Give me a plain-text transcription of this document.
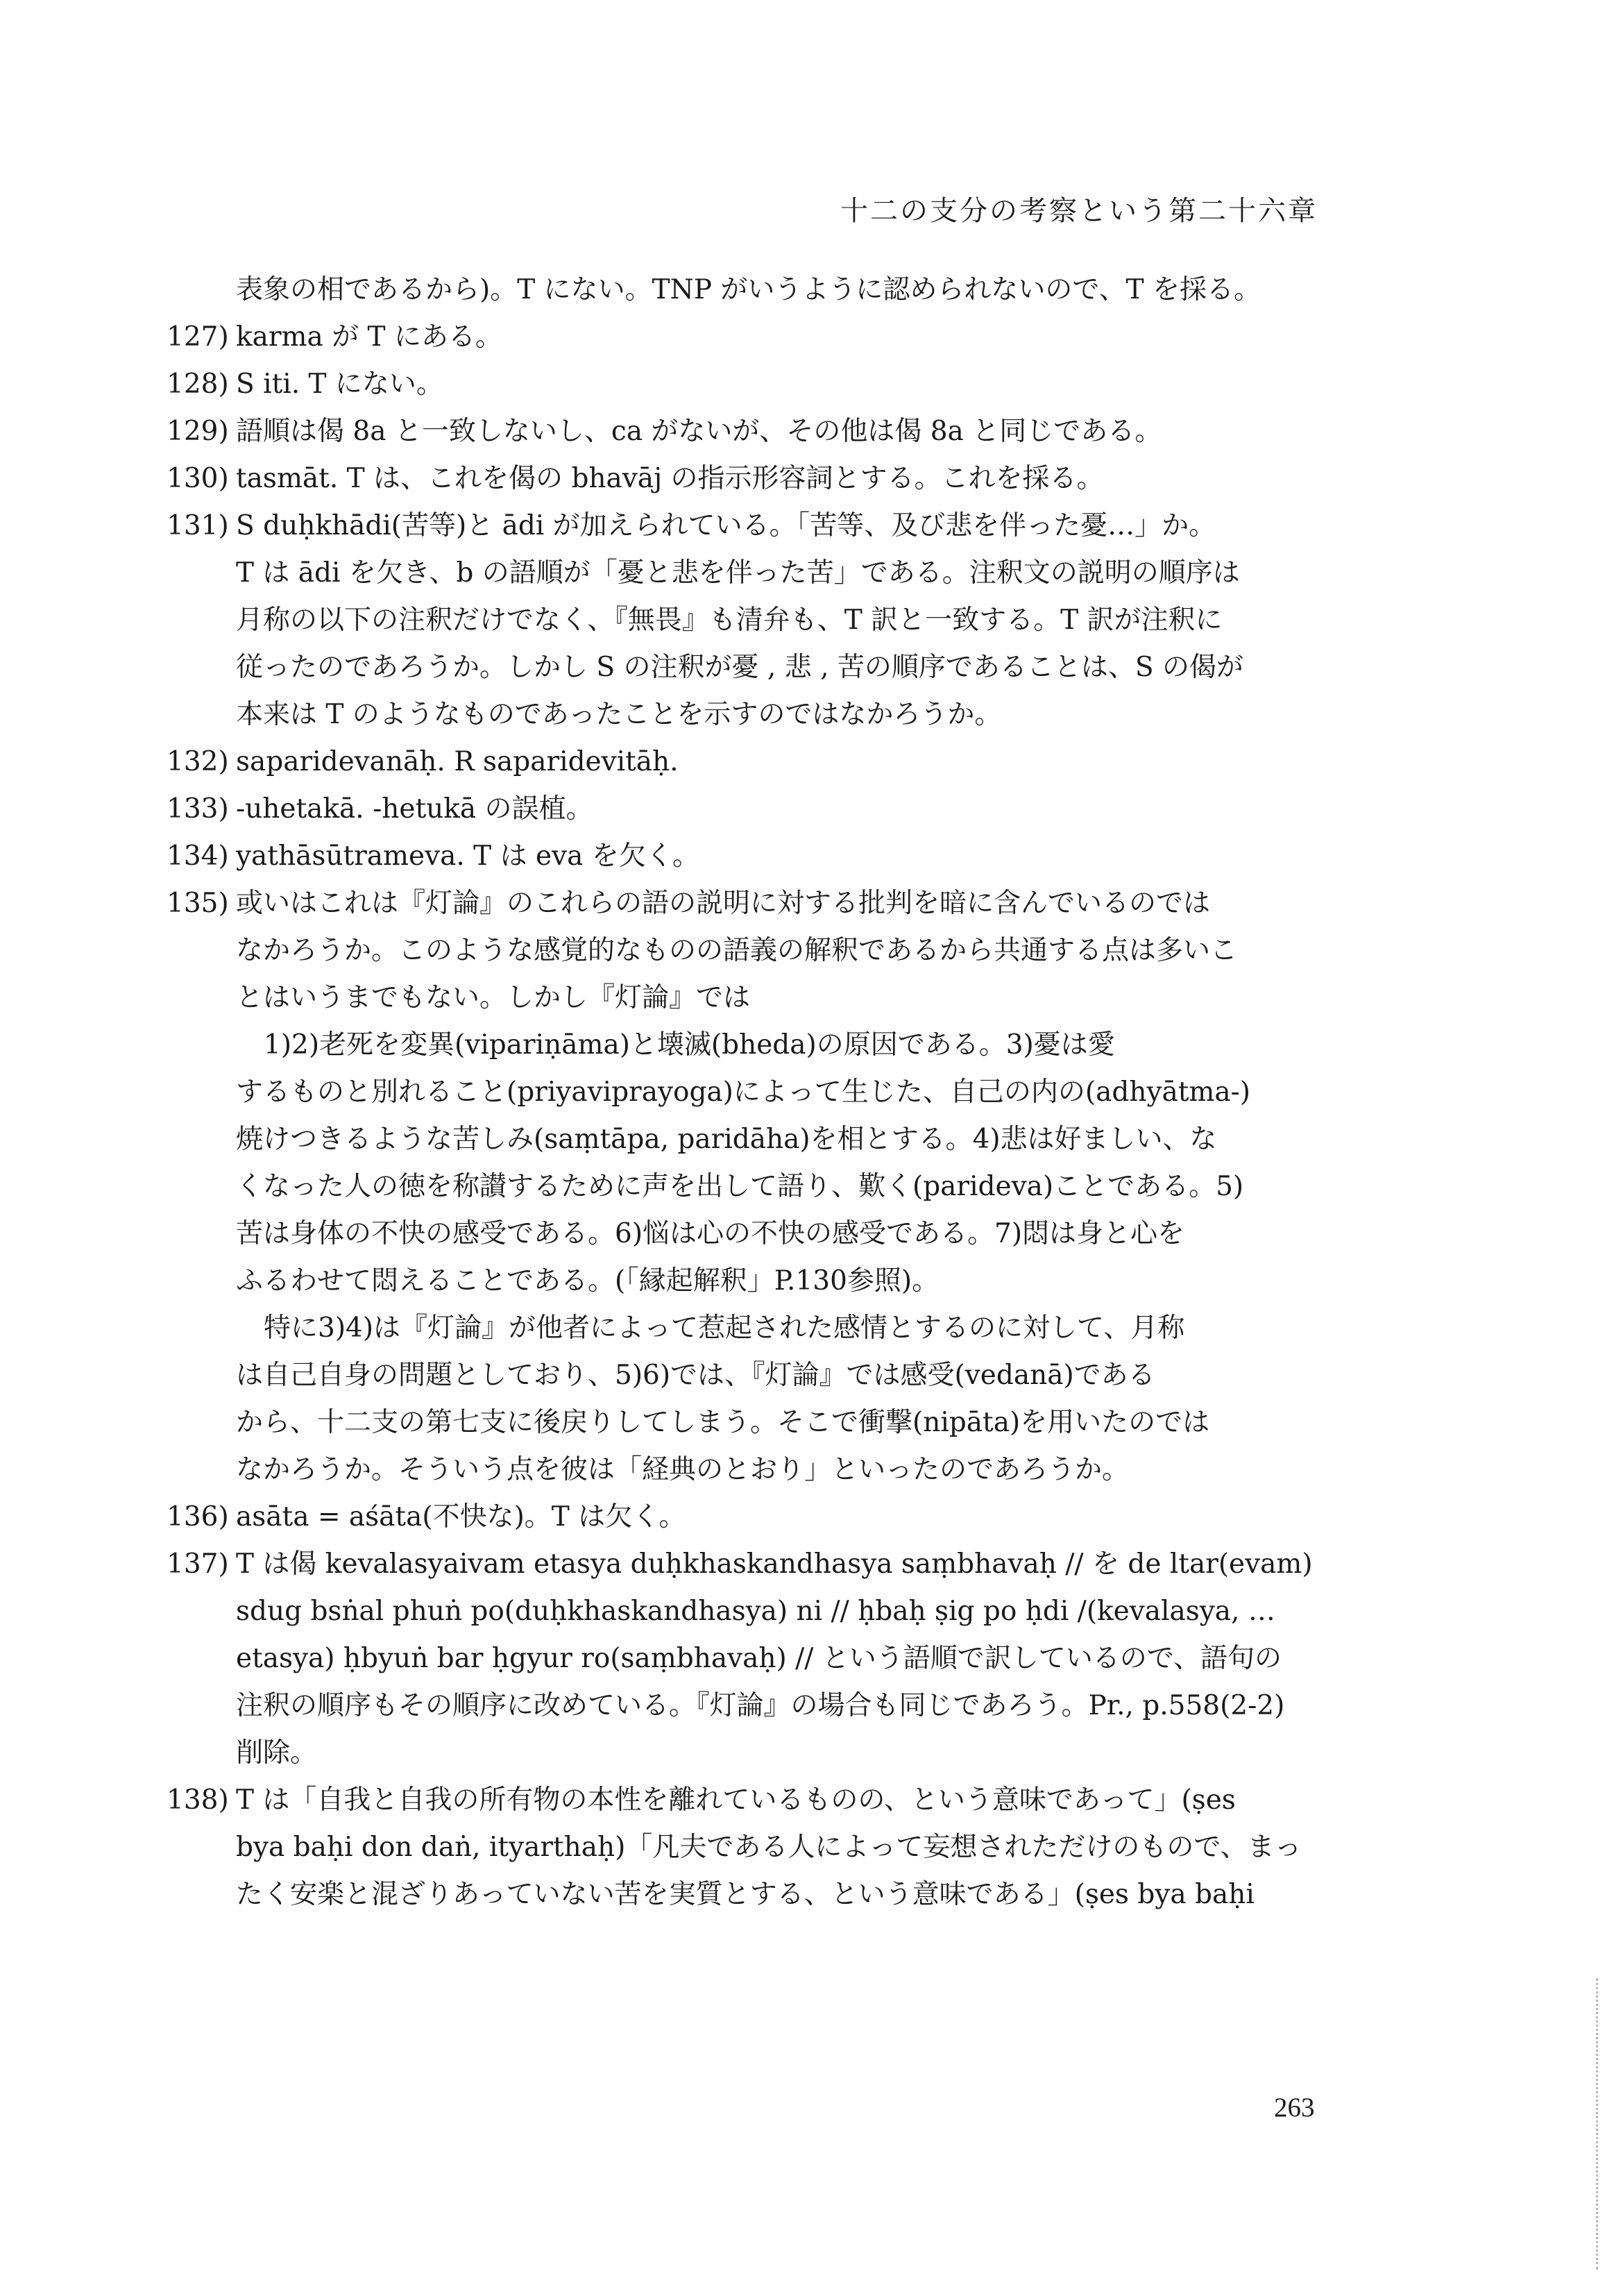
十二の支分の考察という第二十六章
表象の相であるから)。T にない。TNP がいうように認められないので、T を採る。
127) karma が T にある。
128) S iti. T にない。
129) 語順は偈 8a と一致しないし、ca がないが、その他は偈 8a と同じである。
130) tasmāt. T は、これを偈の bhavāj の指示形容詞とする。これを採る。
131) S duḥkhādi(苦等)と ādi が加えられている。「苦等、及び悲を伴った憂…」か。
T は ādi を欠き、b の語順が「憂と悲を伴った苦」である。注釈文の説明の順序は
月称の以下の注釈だけでなく、『無畏』も清弁も、T 訳と一致する。T 訳が注釈に
従ったのであろうか。しかし S の注釈が憂 , 悲 , 苦の順序であることは、S の偈が
本来は T のようなものであったことを示すのではなかろうか。
132) saparidevanāḥ. R saparidevitāḥ.
133) -uhetakā. -hetukā の誤植。
134) yathāsūtrameva. T は eva を欠く。
135) 或いはこれは『灯論』のこれらの語の説明に対する批判を暗に含んでいるのでは
なかろうか。このような感覚的なものの語義の解釈であるから共通する点は多いこ
とはいうまでもない。しかし『灯論』では
1)2)老死を変異(vipariṇāma)と壊滅(bheda)の原因である。3)憂は愛
するものと別れること(priyaviprayoga)によって生じた、自己の内の(adhyātma-)
焼けつきるような苦しみ(saṃtāpa, paridāha)を相とする。4)悲は好ましい、な
くなった人の徳を称讃するために声を出して語り、歎く(paridevа)ことである。5)
苦は身体の不快の感受である。6)悩は心の不快の感受である。7)悶は身と心を
ふるわせて悶えることである。(「縁起解釈」P.130参照)。
特に3)4)は『灯論』が他者によって惹起された感情とするのに対して、月称
は自己自身の問題としており、5)6)では、『灯論』では感受(vedanā)である
から、十二支の第七支に後戻りしてしまう。そこで衝撃(nipāta)を用いたのでは
なかろうか。そういう点を彼は「経典のとおり」といったのであろうか。
136) asāta = aśāta(不快な)。T は欠く。
137) T は偈 kevalasyaivam etasya duḥkhaskandhasya saṃbhavaḥ // を de ltar(evam)
sdug bsṅal phuṅ po(duḥkhaskandhasya) ni // ḥbaḥ ṣig po ḥdi /(kevalasya, …
etasya) ḥbyuṅ bar ḥgyur ro(saṃbhavaḥ) // という語順で訳しているので、語句の
注釈の順序もその順序に改めている。『灯論』の場合も同じであろう。Pr., p.558(2-2)
削除。
138) T は「自我と自我の所有物の本性を離れているものの、という意味であって」(ṣes
bya baḥi don daṅ, ityarthaḥ)「凡夫である人によって妄想されただけのもので、まっ
たく安楽と混ざりあっていない苦を実質とする、という意味である」(ṣes bya baḥi
263
